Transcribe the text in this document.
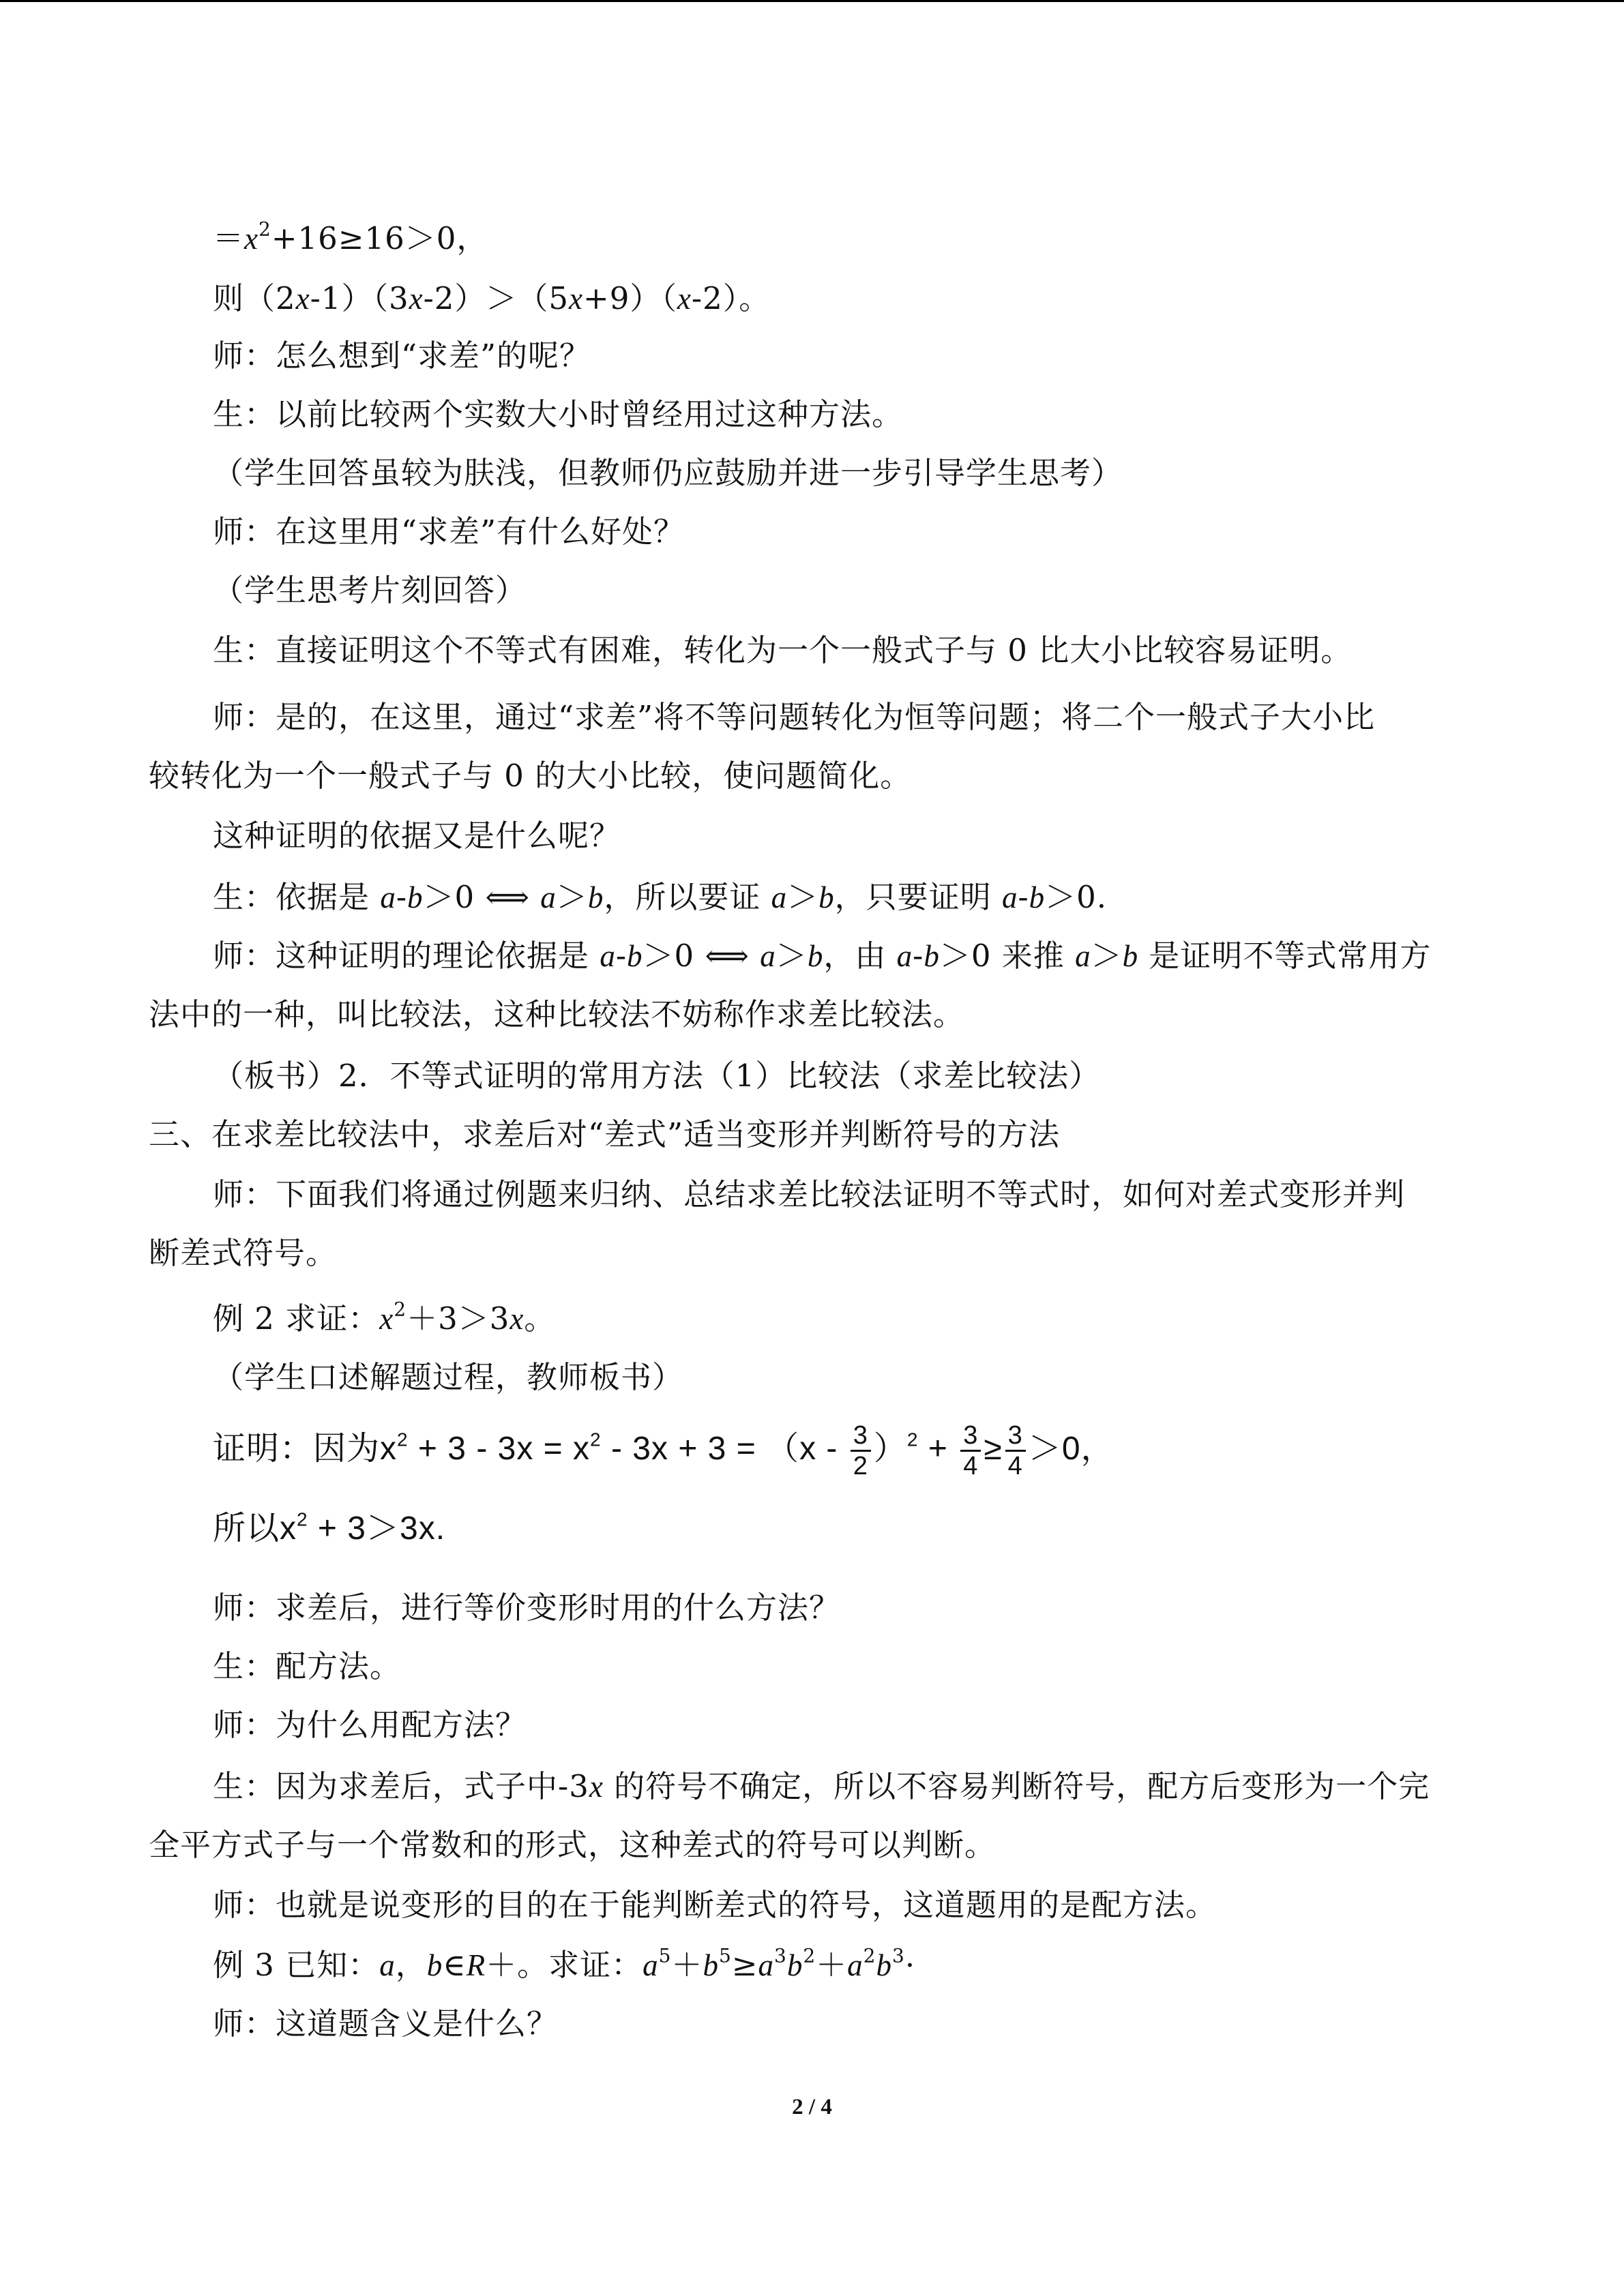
$=x^2+16\ge 16>0$，
则（2x-1）（3x-2）＞（5x+9）（x-2）。
师：怎么想到“求差”的呢？
生：以前比较两个实数大小时曾经用过这种方法。
（学生回答虽较为肤浅，但教师仍应鼓励并进一步引导学生思考）
师：在这里用“求差”有什么好处？
（学生思考片刻回答）
生：直接证明这个不等式有困难，转化为一个一般式子与 0 比大小比较容易证明。
师：是的，在这里，通过“求差”将不等问题转化为恒等问题；将二个一般式子大小比
较转化为一个一般式子与 0 的大小比较，使问题简化。
这种证明的依据又是什么呢？
生：依据是 a-b＞0 ⟺ a＞b，所以要证 a＞b，只要证明 a-b＞0.
师：这种证明的理论依据是 a-b＞0 ⟺ a＞b，由 a-b＞0 来推 a＞b 是证明不等式常用方
法中的一种，叫比较法，这种比较法不妨称作求差比较法。
（板书）2．不等式证明的常用方法（1）比较法（求差比较法）
三、在求差比较法中，求差后对“差式”适当变形并判断符号的方法
师：下面我们将通过例题来归纳、总结求差比较法证明不等式时，如何对差式变形并判
断差式符号。
例 2 求证：$x^2+3>3x$。
（学生口述解题过程，教师板书）
证明：因为$x^2 + 3 - 3x = x^2 - 3x + 3 = (x - \frac{3}{2} )^2 + \frac{3}{4} \ge \frac{3}{4} >0$，
所以$x^2 + 3>3x$.
师：求差后，进行等价变形时用的什么方法？
生：配方法。
师：为什么用配方法？
生：因为求差后，式子中-3x 的符号不确定，所以不容易判断符号，配方后变形为一个完
全平方式子与一个常数和的形式，这种差式的符号可以判断。
师：也就是说变形的目的在于能判断差式的符号，这道题用的是配方法。
例 3 已知：a，b∈R＋。求证：$a^5+b^5\ge a^3b^2+a^2b^3\cdot$
师：这道题含义是什么？
2 / 4
